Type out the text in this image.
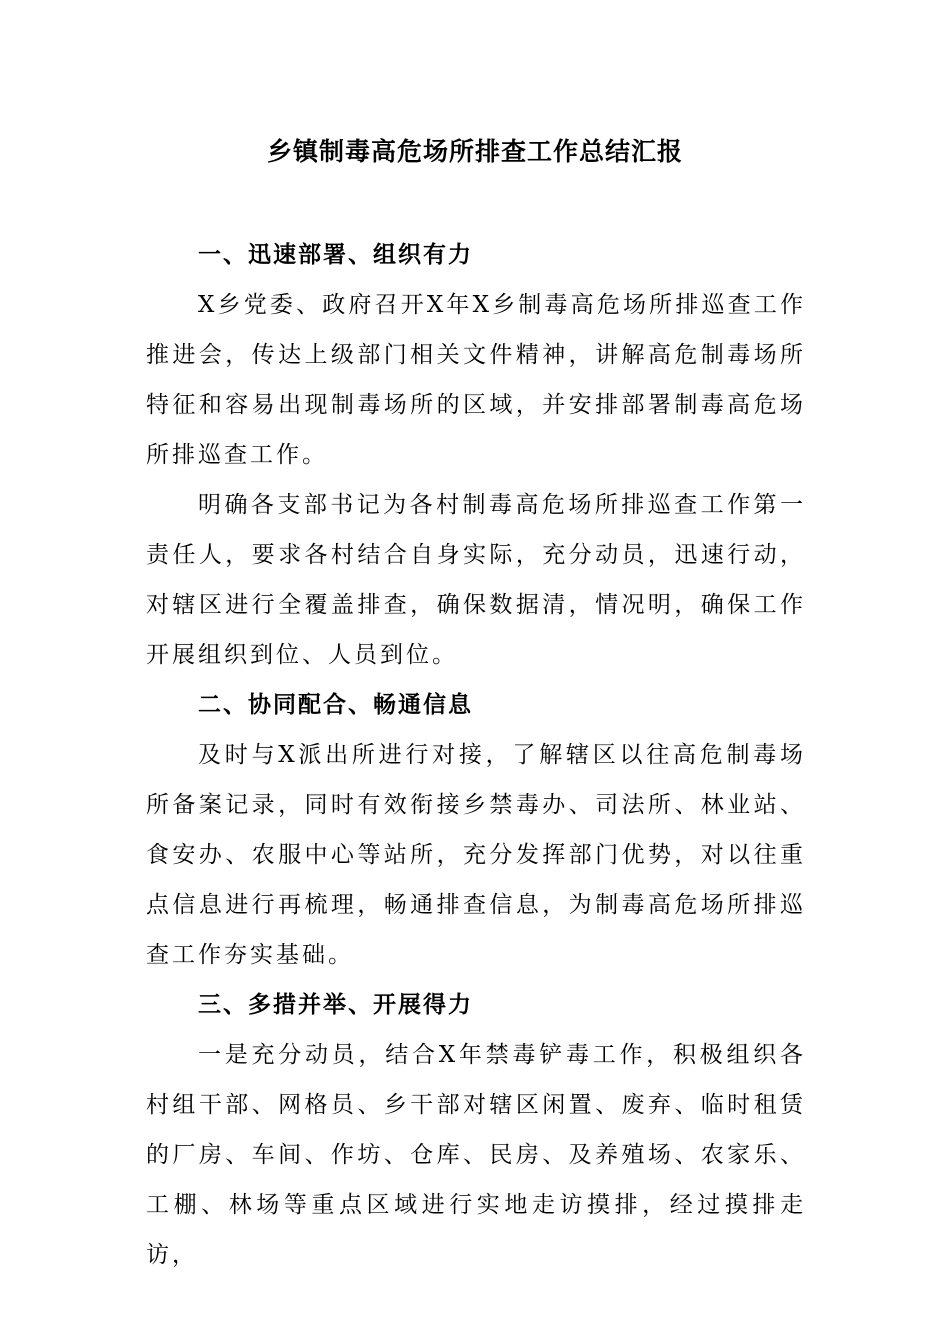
乡镇制毒高危场所排查工作总结汇报

一、迅速部署、组织有力

X乡党委、政府召开X年X乡制毒高危场所排巡查工作推进会，传达上级部门相关文件精神，讲解高危制毒场所特征和容易出现制毒场所的区域，并安排部署制毒高危场所排巡查工作。

明确各支部书记为各村制毒高危场所排巡查工作第一责任人，要求各村结合自身实际，充分动员，迅速行动，对辖区进行全覆盖排查，确保数据清，情况明，确保工作开展组织到位、人员到位。

二、协同配合、畅通信息

及时与X派出所进行对接，了解辖区以往高危制毒场所备案记录，同时有效衔接乡禁毒办、司法所、林业站、食安办、农服中心等站所，充分发挥部门优势，对以往重点信息进行再梳理，畅通排查信息，为制毒高危场所排巡查工作夯实基础。

三、多措并举、开展得力

一是充分动员，结合X年禁毒铲毒工作，积极组织各村组干部、网格员、乡干部对辖区闲置、废弃、临时租赁的厂房、车间、作坊、仓库、民房、及养殖场、农家乐、工棚、林场等重点区域进行实地走访摸排，经过摸排走访，
